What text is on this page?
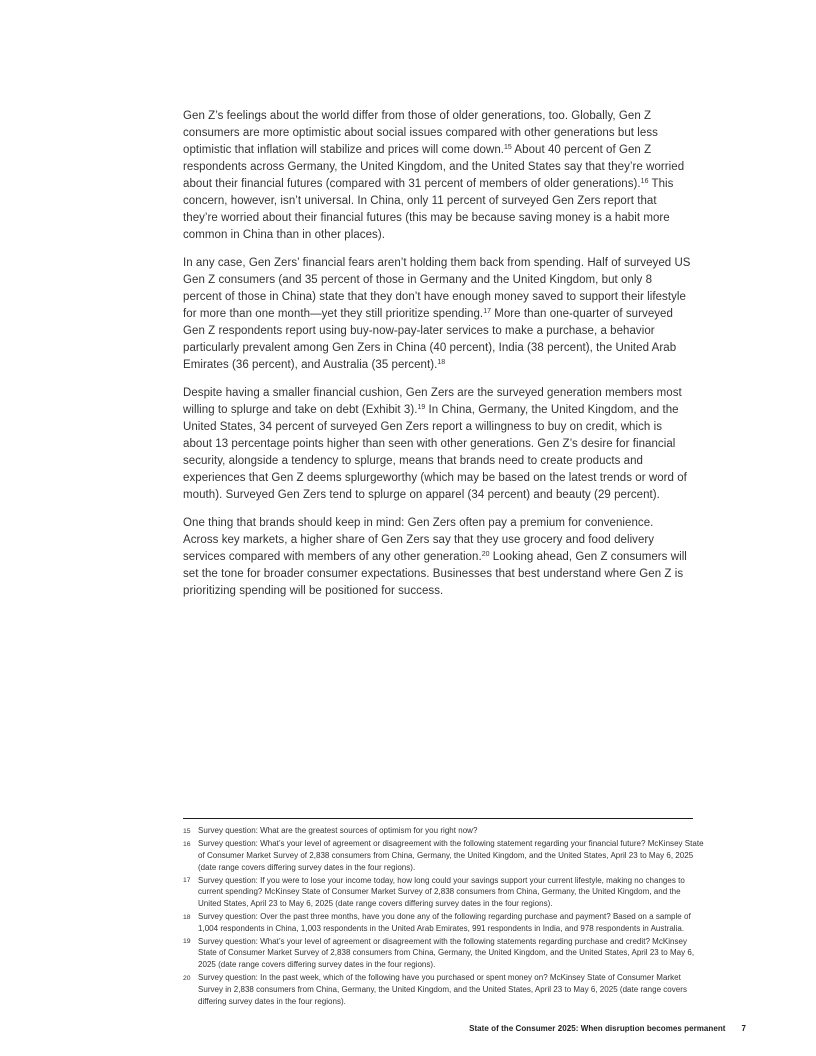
Gen Z’s feelings about the world differ from those of older generations, too. Globally, Gen Z consumers are more optimistic about social issues compared with other generations but less optimistic that inflation will stabilize and prices will come down.$^{15}$ About 40 percent of Gen Z respondents across Germany, the United Kingdom, and the United States say that they’re worried about their financial futures (compared with 31 percent of members of older generations).$^{16}$ This concern, however, isn’t universal. In China, only 11 percent of surveyed Gen Zers report that they’re worried about their financial futures (this may be because saving money is a habit more common in China than in other places).

In any case, Gen Zers’ financial fears aren’t holding them back from spending. Half of surveyed US Gen Z consumers (and 35 percent of those in Germany and the United Kingdom, but only 8 percent of those in China) state that they don’t have enough money saved to support their lifestyle for more than one month—yet they still prioritize spending.$^{17}$ More than one-quarter of surveyed Gen Z respondents report using buy-now-pay-later services to make a purchase, a behavior particularly prevalent among Gen Zers in China (40 percent), India (38 percent), the United Arab Emirates (36 percent), and Australia (35 percent).$^{18}$

Despite having a smaller financial cushion, Gen Zers are the surveyed generation members most willing to splurge and take on debt (Exhibit 3).$^{19}$ In China, Germany, the United Kingdom, and the United States, 34 percent of surveyed Gen Zers report a willingness to buy on credit, which is about 13 percentage points higher than seen with other generations. Gen Z’s desire for financial security, alongside a tendency to splurge, means that brands need to create products and experiences that Gen Z deems splurgeworthy (which may be based on the latest trends or word of mouth). Surveyed Gen Zers tend to splurge on apparel (34 percent) and beauty (29 percent).

One thing that brands should keep in mind: Gen Zers often pay a premium for convenience. Across key markets, a higher share of Gen Zers say that they use grocery and food delivery services compared with members of any other generation.$^{20}$ Looking ahead, Gen Z consumers will set the tone for broader consumer expectations. Businesses that best understand where Gen Z is prioritizing spending will be positioned for success.

15 Survey question: What are the greatest sources of optimism for you right now?
16 Survey question: What’s your level of agreement or disagreement with the following statement regarding your financial future? McKinsey State of Consumer Market Survey of 2,838 consumers from China, Germany, the United Kingdom, and the United States, April 23 to May 6, 2025 (date range covers differing survey dates in the four regions).
17 Survey question: If you were to lose your income today, how long could your savings support your current lifestyle, making no changes to current spending? McKinsey State of Consumer Market Survey of 2,838 consumers from China, Germany, the United Kingdom, and the United States, April 23 to May 6, 2025 (date range covers differing survey dates in the four regions).
18 Survey question: Over the past three months, have you done any of the following regarding purchase and payment? Based on a sample of 1,004 respondents in China, 1,003 respondents in the United Arab Emirates, 991 respondents in India, and 978 respondents in Australia.
19 Survey question: What’s your level of agreement or disagreement with the following statements regarding purchase and credit? McKinsey State of Consumer Market Survey of 2,838 consumers from China, Germany, the United Kingdom, and the United States, April 23 to May 6, 2025 (date range covers differing survey dates in the four regions).
20 Survey question: In the past week, which of the following have you purchased or spent money on? McKinsey State of Consumer Market Survey in 2,838 consumers from China, Germany, the United Kingdom, and the United States, April 23 to May 6, 2025 (date range covers differing survey dates in the four regions).
State of the Consumer 2025: When disruption becomes permanent 7
